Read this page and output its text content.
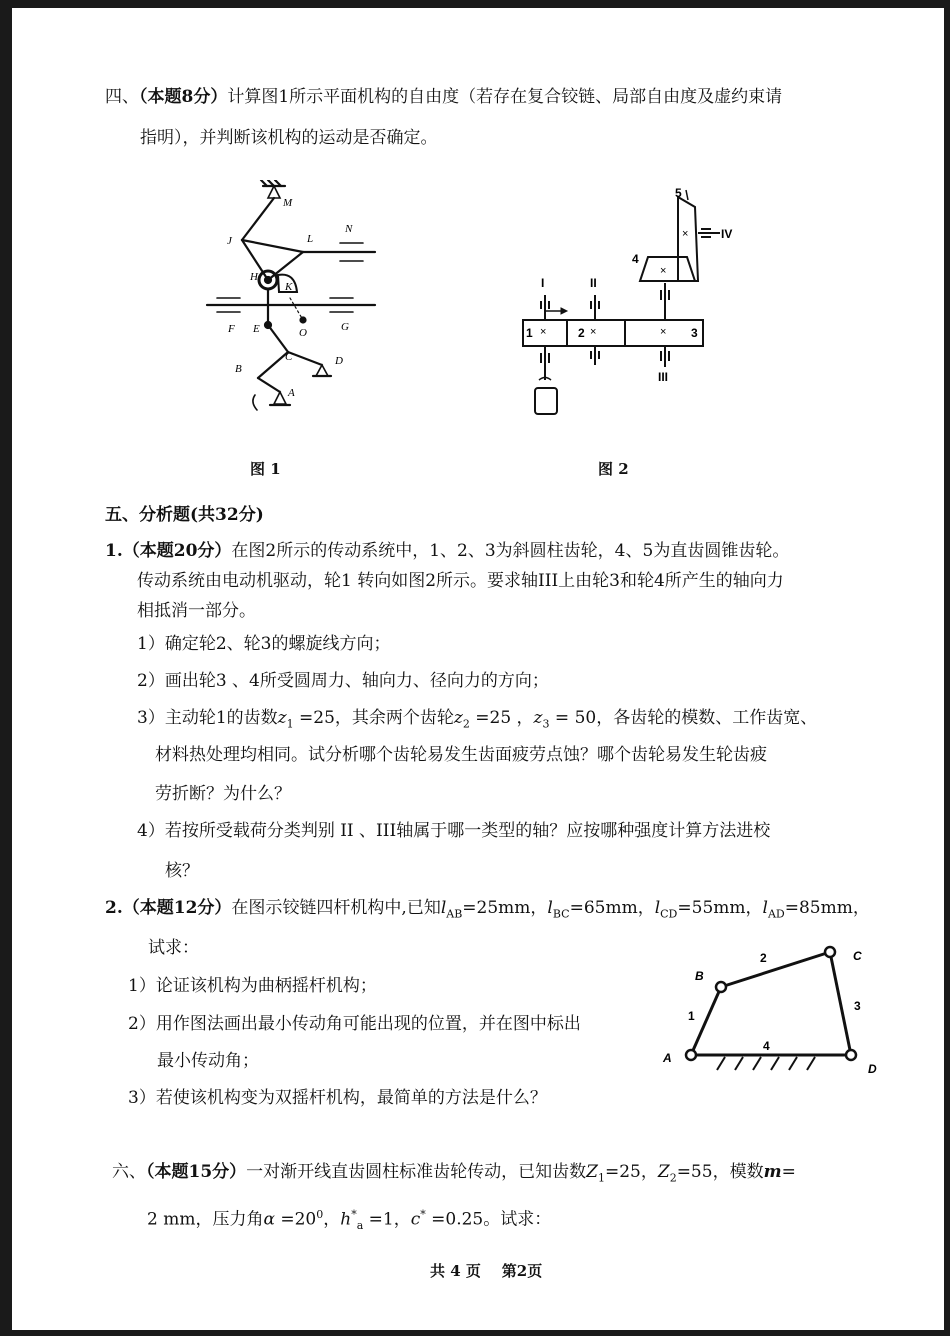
四、（本题8分）计算图1所示平面机构的自由度（若存在复合铰链、局部自由度及虚约束请
指明），并判断该机构的运动是否确定。
M
N
J	L
H
K
F E	O	G
C	D
B
A
图 1
×	×	×
×
×
I	II
III
IV
1	2	3
4
5
图 2
五、分析题(共32分)
1.（本题20分）在图2所示的传动系统中，1、2、3为斜圆柱齿轮，4、5为直齿圆锥齿轮。
传动系统由电动机驱动，轮1 转向如图2所示。要求轴III上由轮3和轮4所产生的轴向力
相抵消一部分。
1）确定轮2、轮3的螺旋线方向；
2）画出轮3 、4所受圆周力、轴向力、径向力的方向；
3）主动轮1的齿数$z_1 =25$，其余两个齿轮$z_2 =25$ ，$z_3 = 50$，各齿轮的模数、工作齿宽、
材料热处理均相同。试分析哪个齿轮易发生齿面疲劳点蚀？哪个齿轮易发生轮齿疲
劳折断？为什么？
4）若按所受载荷分类判别 II 、III轴属于哪一类型的轴？应按哪种强度计算方法进校
核？
2.（本题12分）在图示铰链四杆机构中,已知$l_{AB}=25mm$，$l_{BC}=65mm$，$l_{CD}=55mm$，$l_{AD}=85mm$，
试求：
1）论证该机构为曲柄摇杆机构；
2）用作图法画出最小传动角可能出现的位置，并在图中标出
最小传动角；
3）若使该机构变为双摇杆机构，最简单的方法是什么？
A
B
C
D
1
2
3
4
六、（本题15分）一对渐开线直齿圆柱标准齿轮传动，已知齿数$Z_1=25$，$Z_2=55$，模数m=
2 mm，压力角$\alpha =20^0$，$h^*_a =1$，c* =0.25。试求：
共 4 页    第2页
